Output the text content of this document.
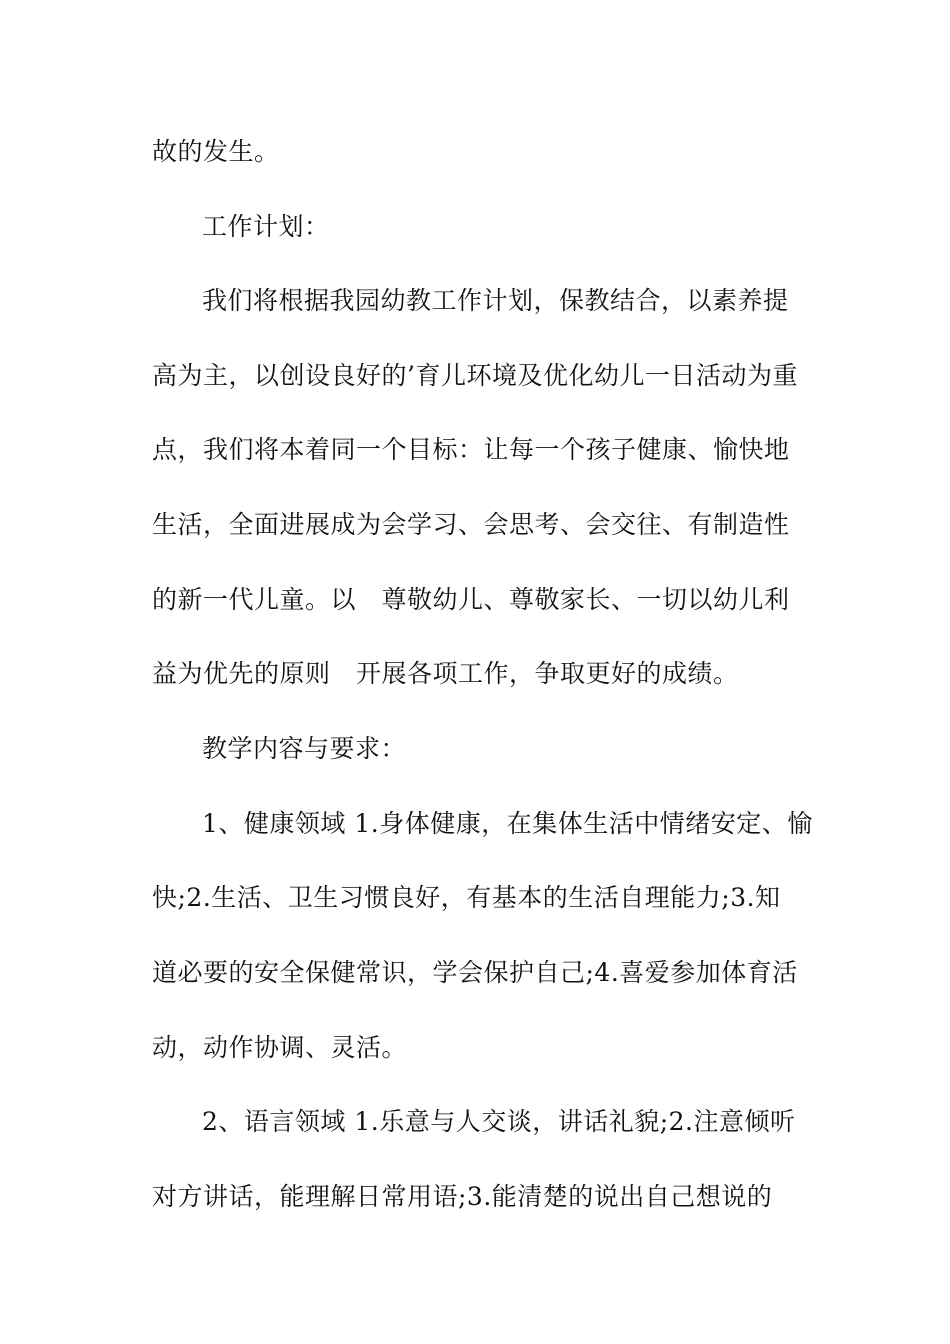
故的发生。
工作计划：
我们将根据我园幼教工作计划，保教结合，以素养提
高为主，以创设良好的’育儿环境及优化幼儿一日活动为重
点，我们将本着同一个目标：让每一个孩子健康、愉快地
生活，全面进展成为会学习、会思考、会交往、有制造性
的新一代儿童。以　尊敬幼儿、尊敬家长、一切以幼儿利
益为优先的原则　开展各项工作，争取更好的成绩。
教学内容与要求：
1、健康领域 1.身体健康，在集体生活中情绪安定、愉
快;2.生活、卫生习惯良好，有基本的生活自理能力;3.知
道必要的安全保健常识，学会保护自己;4.喜爱参加体育活
动，动作协调、灵活。
2、语言领域 1.乐意与人交谈，讲话礼貌;2.注意倾听
对方讲话，能理解日常用语;3.能清楚的说出自己想说的
